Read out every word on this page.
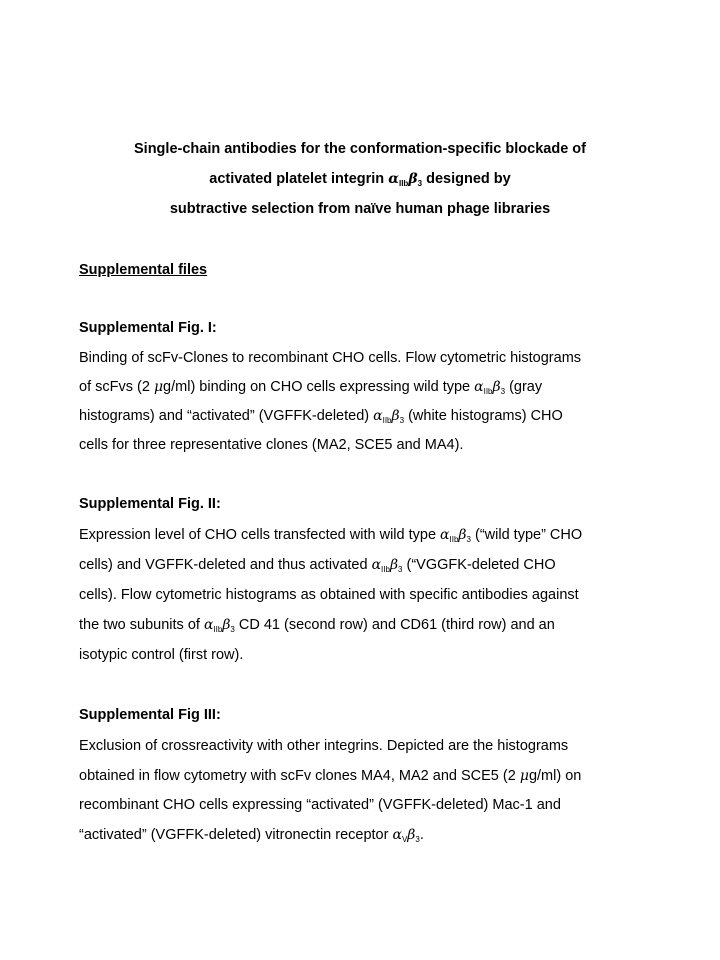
Single-chain antibodies for the conformation-specific blockade of
activated platelet integrin $\alpha_{IIb}\beta_3$ designed by
subtractive selection from naïve human phage libraries
Supplemental files
Supplemental Fig. I:
Binding of scFv-Clones to recombinant CHO cells. Flow cytometric histograms
of scFvs (2 μg/ml) binding on CHO cells expressing wild type $\alpha_{IIb}\beta_3$ (gray
histograms) and “activated” (VGFFK-deleted) $\alpha_{IIb}\beta_3$ (white histograms) CHO
cells for three representative clones (MA2, SCE5 and MA4).
Supplemental Fig. II:
Expression level of CHO cells transfected with wild type $\alpha_{IIb}\beta_3$ (“wild type” CHO
cells) and VGFFK-deleted and thus activated $\alpha_{IIb}\beta_3$ (“VGGFK-deleted CHO
cells). Flow cytometric histograms as obtained with specific antibodies against
the two subunits of $\alpha_{IIb}\beta_3$ CD 41 (second row) and CD61 (third row) and an
isotypic control (first row).
Supplemental Fig III:
Exclusion of crossreactivity with other integrins. Depicted are the histograms
obtained in flow cytometry with scFv clones MA4, MA2 and SCE5 (2 μg/ml) on
recombinant CHO cells expressing “activated” (VGFFK-deleted) Mac-1 and
“activated” (VGFFK-deleted) vitronectin receptor $\alpha_V\beta_3$.
